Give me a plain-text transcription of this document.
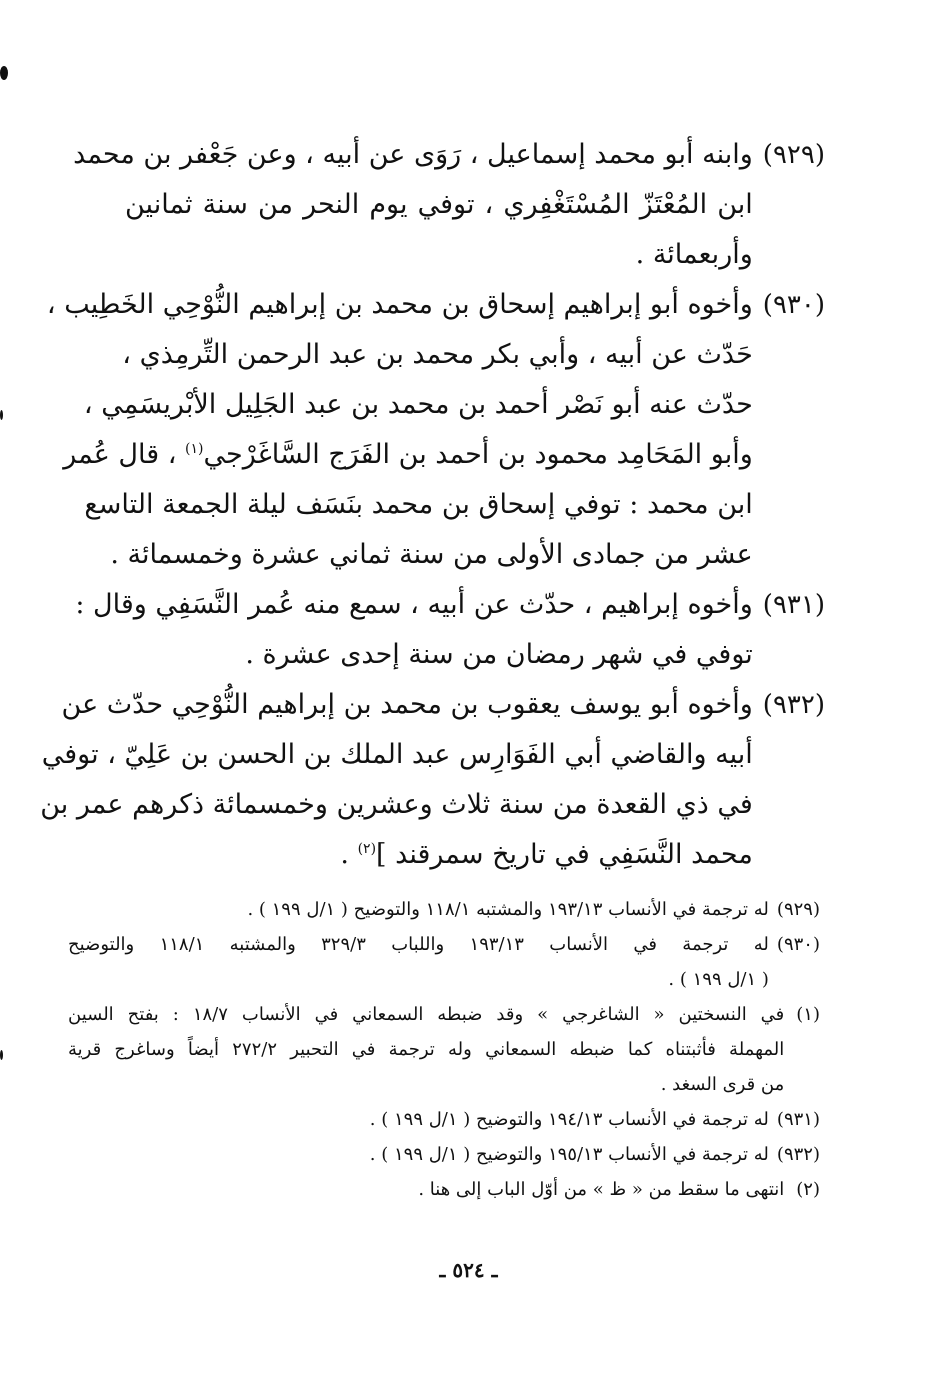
(٩٢٩)
وابنه أبو محمد إسماعيل ، رَوَى عن أبيه ، وعن جَعْفر بن محمد
ابن المُعْتَزّ المُسْتَغْفِري ، توفي يوم النحر من سنة ثمانين
وأربعمائة .
(٩٣٠)
وأخوه أبو إبراهيم إسحاق بن محمد بن إبراهيم النُّوْحِي الخَطِيب ،
حَدّث عن أبيه ، وأبي بكر محمد بن عبد الرحمن التِّرمِذي ،
حدّث عنه أبو نَصْر أحمد بن محمد بن عبد الجَلِيل الأبْريسَمِي ،
وأبو المَحَامِد محمود بن أحمد بن الفَرَج السَّاغَرْجي$^{(١)}$ ، قال عُمر
ابن محمد : توفي إسحاق بن محمد بنَسَف ليلة الجمعة التاسع
عشر من جمادى الأولى من سنة ثماني عشرة وخمسمائة .
(٩٣١)
وأخوه إبراهيم ، حدّث عن أبيه ، سمع منه عُمر النَّسَفِي وقال :
توفي في شهر رمضان من سنة إحدى عشرة .
(٩٣٢)
وأخوه أبو يوسف يعقوب بن محمد بن إبراهيم النُّوْحِي حدّث عن
أبيه والقاضي أبي الفَوَارِس عبد الملك بن الحسن بن عَلِيّ ، توفي
في ذي القعدة من سنة ثلاث وعشرين وخمسمائة ذكرهم عمر بن
محمد النَّسَفِي في تاريخ سمرقند ]$^{(٢)}$ .
(٩٢٩)
له ترجمة في الأنساب ١٩٣/١٣ والمشتبه ١١٨/١ والتوضيح ( ١/ل ١٩٩ ) .
(٩٣٠)
له ترجمة في الأنساب ١٩٣/١٣ واللباب ٣٢٩/٣ والمشتبه ١١٨/١ والتوضيح
( ١/ل ١٩٩ ) .
(١)
في النسختين « الشاغرجي » وقد ضبطه السمعاني في الأنساب ١٨/٧ : بفتح السين
المهملة فأثبتناه كما ضبطه السمعاني وله ترجمة في التحبير ٢٧٢/٢ أيضاً وساغرج قرية
من قرى السغد .
(٩٣١)
له ترجمة في الأنساب ١٩٤/١٣ والتوضيح ( ١/ل ١٩٩ ) .
(٩٣٢)
له ترجمة في الأنساب ١٩٥/١٣ والتوضيح ( ١/ل ١٩٩ ) .
(٢)
انتهى ما سقط من « ظ » من أوّل الباب إلى هنا .
ـ ٥٢٤ ـ
